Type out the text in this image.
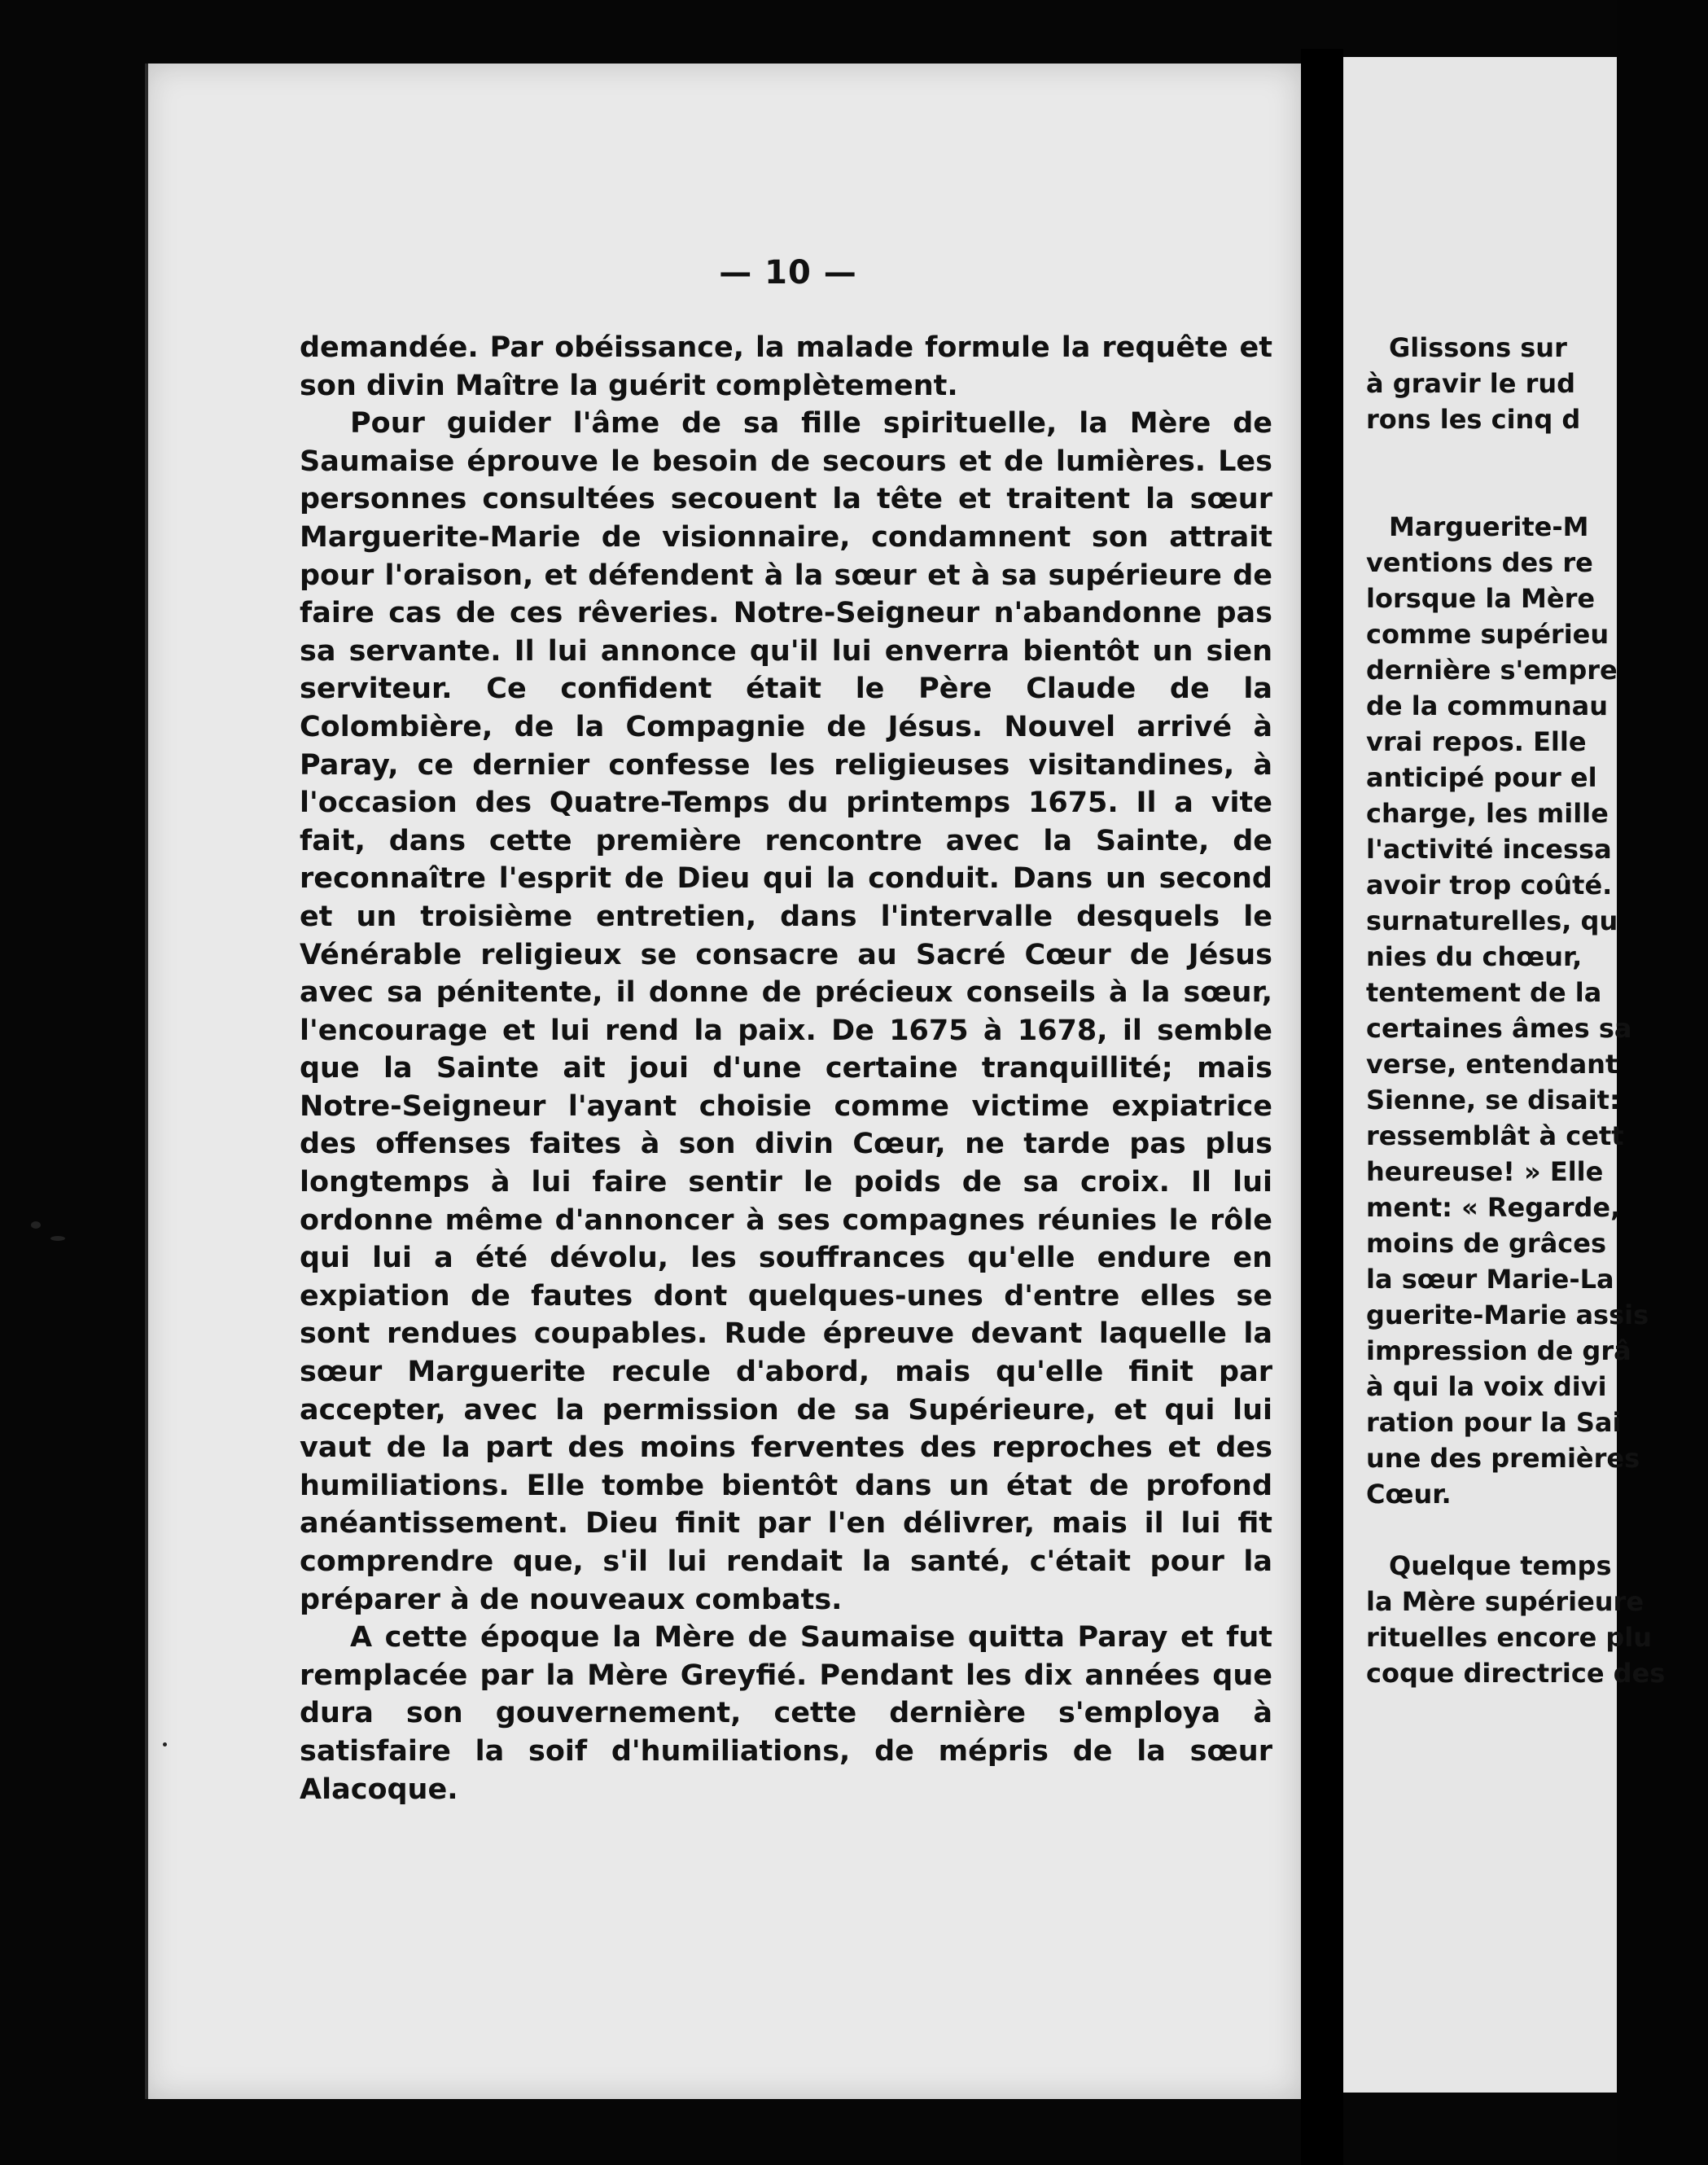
— 10 —

demandée. Par obéissance, la malade formule la requête et son divin Maître la guérit complètement.

Pour guider l'âme de sa fille spirituelle, la Mère de Saumaise éprouve le besoin de secours et de lumières. Les personnes consultées secouent la tête et traitent la sœur Marguerite-Marie de visionnaire, condamnent son attrait pour l'oraison, et défendent à la sœur et à sa supérieure de faire cas de ces rêveries. Notre-Seigneur n'abandonne pas sa servante. Il lui annonce qu'il lui enverra bientôt un sien serviteur. Ce confident était le Père Claude de la Colombière, de la Compagnie de Jésus. Nouvel arrivé à Paray, ce dernier confesse les religieuses visitandines, à l'occasion des Quatre-Temps du printemps 1675. Il a vite fait, dans cette première rencontre avec la Sainte, de reconnaître l'esprit de Dieu qui la conduit. Dans un second et un troisième entretien, dans l'intervalle desquels le Vénérable religieux se consacre au Sacré Cœur de Jésus avec sa pénitente, il donne de précieux conseils à la sœur, l'encourage et lui rend la paix. De 1675 à 1678, il semble que la Sainte ait joui d'une certaine tranquillité; mais Notre-Seigneur l'ayant choisie comme victime expiatrice des offenses faites à son divin Cœur, ne tarde pas plus longtemps à lui faire sentir le poids de sa croix. Il lui ordonne même d'annoncer à ses compagnes réunies le rôle qui lui a été dévolu, les souffrances qu'elle endure en expiation de fautes dont quelques-unes d'entre elles se sont rendues coupables. Rude épreuve devant laquelle la sœur Marguerite recule d'abord, mais qu'elle finit par accepter, avec la permission de sa Supérieure, et qui lui vaut de la part des moins ferventes des reproches et des humiliations. Elle tombe bientôt dans un état de profond anéantissement. Dieu finit par l'en délivrer, mais il lui fit comprendre que, s'il lui rendait la santé, c'était pour la préparer à de nouveaux combats.

A cette époque la Mère de Saumaise quitta Paray et fut remplacée par la Mère Greyfié. Pendant les dix années que dura son gouvernement, cette dernière s'employa à satisfaire la soif d'humiliations, de mépris de la sœur Alacoque.

Glissons sur
à gravir le rud
rons les cinq d
Marguerite-M
ventions des re
lorsque la Mère
comme supérieu
dernière s'empre
de la communau
vrai repos. Elle
anticipé pour el
charge, les mille
l'activité incessa
avoir trop coûté.
surnaturelles, qu
nies du chœur,
tentement de la
certaines âmes sa
verse, entendant
Sienne, se disait:
ressemblât à cett
heureuse! » Elle
ment: « Regarde,
moins de grâces
la sœur Marie-La
guerite-Marie assis
impression de grâ
à qui la voix divi
ration pour la Sai
une des premières
Cœur.
Quelque temps
la Mère supérieure
rituelles encore plu
coque directrice des
